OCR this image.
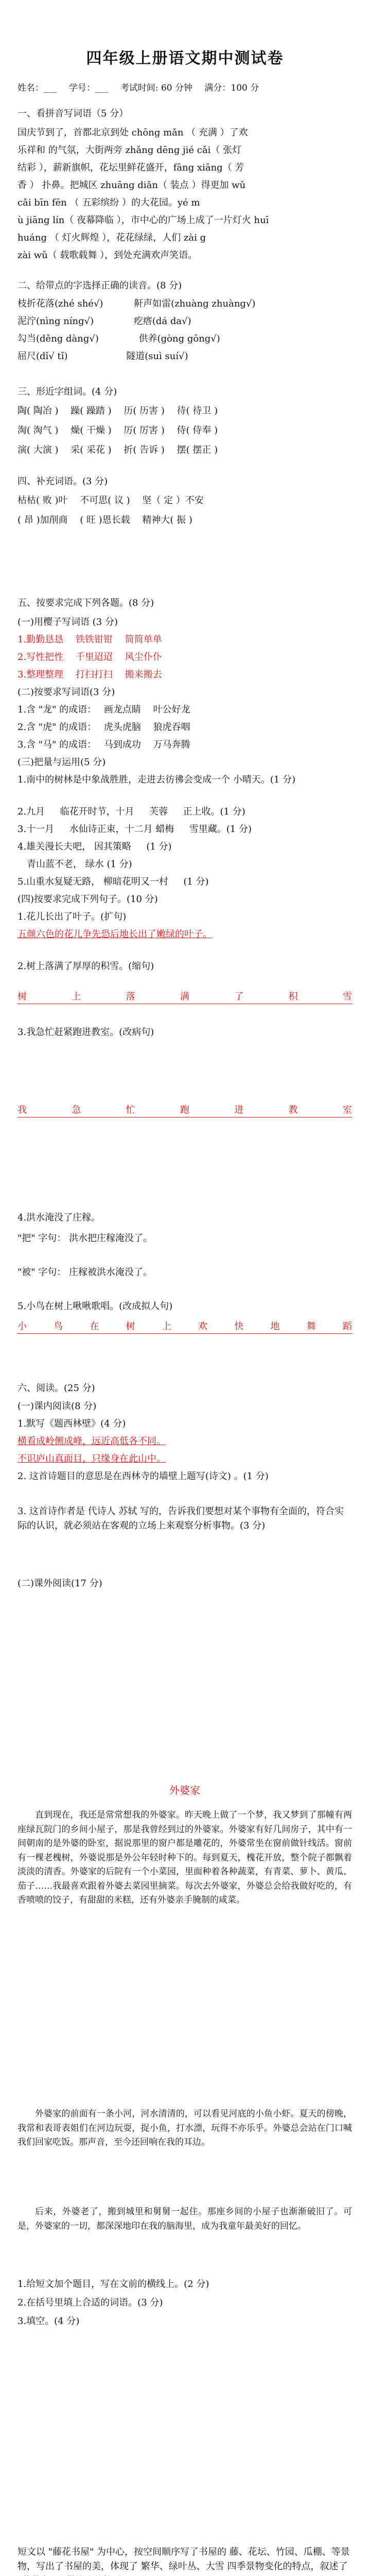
四年级上册语文期中测试卷
姓名：___ 学号：___ 考试时间: 60 分钟 满分：100 分
一、看拼音写词语（5 分）
国庆节到了，首都北京到处 chōng mǎn （ 充满 ）了欢
乐祥和 的气氛，大街两旁 zhǎng dēng jié cǎi（ 张灯
结彩 ），薪新旗帜，花坛里鲜花盛开，fāng xiāng（ 芳
香 ） 扑鼻。把城区 zhuāng diǎn（ 装点 ）得更加 wǔ
cǎi bīn fēn （ 五彩缤纷 ）的大花园。yé m
ù jiāng lín（ 夜幕降临 ），市中心的广场上成了一片灯火 huī
huáng （ 灯火辉煌 ），花花绿绿，人们 zài g
zài wǔ（ 载歌载舞 ），到处充满欢声笑语。
二、给带点的字选择正确的读音。(8 分)
枝折花落(zhé shé√)　　　 鼾声如雷(zhuàng zhuàng√)
泥泞(nìng níng√)　　　　 疙瘩(dá da√)
勾当(děng dàng√)　　　　 供养(gòng gōng√)
屈尺(dǐ√ tǐ)　　　　　　 隧道(suì suí√)
三、形近字组词。(4 分)
陶( 陶冶 )　 躁( 躁踏 )　 历( 历害 )　 待( 待卫 )
淘( 淘气 )　 燥( 干燥 )　 厉( 厉害 )　 侍( 侍奉 )
演( 大演 )　 采( 采花 )　 折( 告诉 )　 摆( 摆正 )
四、补充词语。(3 分)
枯枯( 败 )叶　 不可思( 议 )　 坚（ 定 ）不安
( 昂 )加削商　 ( 旺 )恩长载　 精神大( 振 )
五、按要求完成下列各题。(8 分)
(一)用樱子写词语 (3 分)
1.勤勤恳恳　 铁铁钳钳　 简简单单
2.写性把性　 千里迢迢　 风尘仆仆
3.整理整理　 打扫打扫　 搬来搬去
(二)按要求写词语(3 分)
1.含 "龙" 的成语：　 画龙点睛　 叶公好龙
2.含 "虎" 的成语：　 虎头虎脑　 狼虎吞咽
3.含 "马" 的成语：　 马到成功　 万马奔腾
(三)把量与运用(5 分)
1.南中的树林是中象战胜胜，走进去彷彿会变成一个 小晴天。(1 分)
2.九月 　 临花开时节，十月 　 芙蓉 　 正上收。(1 分)
3.十一月 　 水仙诗正束，十二月 蜡梅 　 雪里藏。(1 分)
4.雄关漫长夫吧， 因其策略 　 (1 分)
　青山蓝不老， 绿水 (1 分)
5.山重水复疑无路， 柳暗花明又一村 　 (1 分)
(四)按要求完成下列句子。(10 分)
1.花儿长出了叶子。(扩句)
五颜六色的花儿争先恐后地长出了嫩绿的叶子。
2.树上落满了厚厚的积雪。(缩句)
树	上	落	满	了	积	雪
3.我急忙赶紧跑进教室。(改病句)
我	急	忙	跑	进	教	室
4.洪水淹没了庄稼。
"把" 字句： 洪水把庄稼淹没了。
"被" 字句： 庄稼被洪水淹没了。
5.小鸟在树上啾啾歌唱。(改成拟人句)
小	鸟	在	树	上	欢	快	地	舞	蹈
六、阅读。(25 分)
(一)课内阅读(8 分)
1.默写《题西林壁》(4 分)
横看成岭侧成峰，远近高低各不同。
不识庐山真面目，只缘身在此山中。
2. 这首诗题目的意思是在西林寺的墙壁上题写(诗文) 。(1 分)
3. 这首诗作者是 代诗人 苏轼 写的，告诉我们要想对某个事物有全面的，符合实际的认识，就必须站在客观的立场上来观察分析事物。(3 分)
(二)课外阅读(17 分)
外婆家
直到现在，我还是常常想我的外婆家。昨天晚上做了一个梦，我又梦到了那幢有两座绿瓦院门的乡间小屋子，那是我曾经到过的外婆家。外婆家有好几间房子，其中有一间朝南的是外婆的卧室，据说那里的窗户都是雕花的，外婆常坐在窗前做针线活。窗前有一棵老槐树，外婆说那是外公年轻时种下的。每到夏天，槐花开放，整个院子都飘着淡淡的清香。外婆家的后院有一个小菜园，里面种着各种蔬菜，有青菜、萝卜、黄瓜、茄子……我最喜欢跟着外婆去菜园里摘菜。每次去外婆家，外婆总会给我做好吃的，有香喷喷的饺子，有甜甜的米糕，还有外婆亲手腌制的咸菜。
外婆家的前面有一条小河，河水清清的，可以看见河底的小鱼小虾。夏天的傍晚，我常和表哥表姐们在河边玩耍，捉小鱼，打水漂，玩得不亦乐乎。外婆总会站在门口喊我们回家吃饭。那声音，至今还回响在我的耳边。
后来，外婆老了，搬到城里和舅舅一起住。那座乡间的小屋子也渐渐破旧了。可是，外婆家的一切，都深深地印在我的脑海里，成为我童年最美好的回忆。
1.给短文加个题目，写在文前的横线上。(2 分)
2.在括号里填上合适的词语。(3 分)
3.填空。(4 分)
短文以 "藤花书屋" 为中心，按空间顺序写了书屋的 藤、花坛、竹园、瓜棚、等景物，写出了书屋的美，体现了 繁华、绿叶丛、大雪 四季景物变化的特点，叙述了
